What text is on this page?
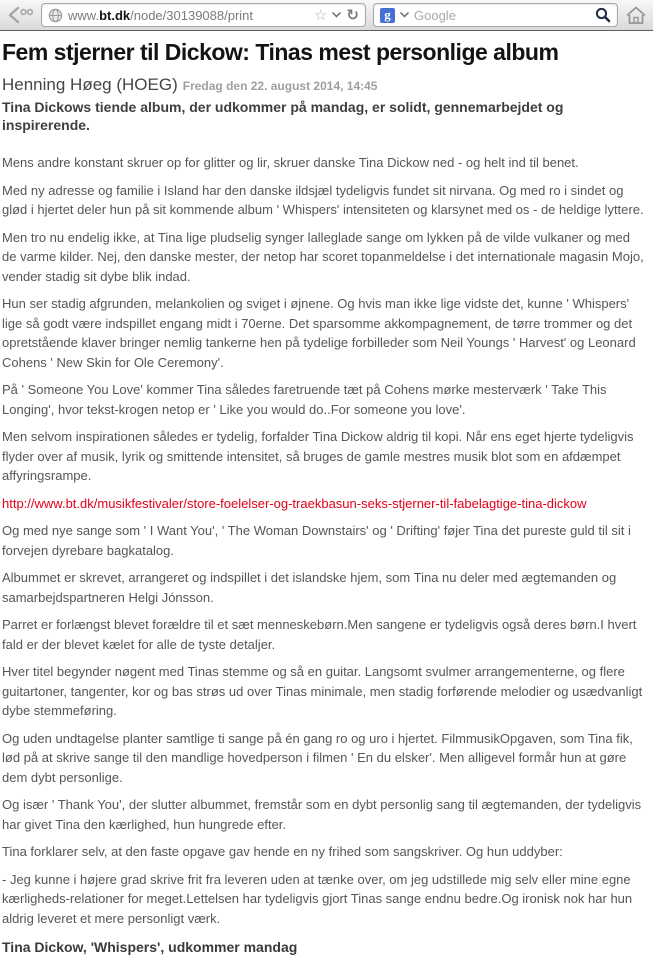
www.bt.dk/node/30139088/print	☆ ↻	g
Google
Fem stjerner til Dickow: Tinas mest personlige album
Henning Høeg (HOEG) Fredag den 22. august 2014, 14:45

Tina Dickows tiende album, der udkommer på mandag, er solidt, gennemarbejdet og inspirerende.

Mens andre konstant skruer op for glitter og lir, skruer danske Tina Dickow ned - og helt ind til benet.

Med ny adresse og familie i Island har den danske ildsjæl tydeligvis fundet sit nirvana. Og med ro i sindet og glød i hjertet deler hun på sit kommende album ' Whispers' intensiteten og klarsynet med os - de heldige lyttere.

Men tro nu endelig ikke, at Tina lige pludselig synger lalleglade sange om lykken på de vilde vulkaner og med de varme kilder. Nej, den danske mester, der netop har scoret topanmeldelse i det internationale magasin Mojo, vender stadig sit dybe blik indad.

Hun ser stadig afgrunden, melankolien og sviget i øjnene. Og hvis man ikke lige vidste det, kunne ' Whispers' lige så godt være indspillet engang midt i 70erne. Det sparsomme akkompagnement, de tørre trommer og det opretstående klaver bringer nemlig tankerne hen på tydelige forbilleder som Neil Youngs ' Harvest' og Leonard Cohens ' New Skin for Ole Ceremony'.

På ' Someone You Love' kommer Tina således faretruende tæt på Cohens mørke mesterværk ' Take This Longing', hvor tekst-krogen netop er ' Like you would do..For someone you love'.

Men selvom inspirationen således er tydelig, forfalder Tina Dickow aldrig til kopi. Når ens eget hjerte tydeligvis flyder over af musik, lyrik og smittende intensitet, så bruges de gamle mestres musik blot som en afdæmpet affyringsrampe.

http://www.bt.dk/musikfestivaler/store-foelelser-og-traekbasun-seks-stjerner-til-fabelagtige-tina-dickow

Og med nye sange som ' I Want You', ' The Woman Downstairs' og ' Drifting' føjer Tina det pureste guld til sit i forvejen dyrebare bagkatalog.

Albummet er skrevet, arrangeret og indspillet i det islandske hjem, som Tina nu deler med ægtemanden og samarbejdspartneren Helgi Jónsson.

Parret er forlængst blevet forældre til et sæt menneskebørn.Men sangene er tydeligvis også deres børn.I hvert fald er der blevet kælet for alle de tyste detaljer.

Hver titel begynder nøgent med Tinas stemme og så en guitar. Langsomt svulmer arrangementerne, og flere guitartoner, tangenter, kor og bas strøs ud over Tinas minimale, men stadig forførende melodier og usædvanligt dybe stemmeføring.

Og uden undtagelse planter samtlige ti sange på én gang ro og uro i hjertet. FilmmusikOpgaven, som Tina fik, lød på at skrive sange til den mandlige hovedperson i filmen ' En du elsker'. Men alligevel formår hun at gøre dem dybt personlige.

Og især ' Thank You', der slutter albummet, fremstår som en dybt personlig sang til ægtemanden, der tydeligvis har givet Tina den kærlighed, hun hungrede efter.

Tina forklarer selv, at den faste opgave gav hende en ny frihed som sangskriver. Og hun uddyber:

- Jeg kunne i højere grad skrive frit fra leveren uden at tænke over, om jeg udstillede mig selv eller mine egne kærligheds-relationer for meget.Lettelsen har tydeligvis gjort Tinas sange endnu bedre.Og ironisk nok har hun aldrig leveret et mere personligt værk.

Tina Dickow, 'Whispers', udkommer mandag
